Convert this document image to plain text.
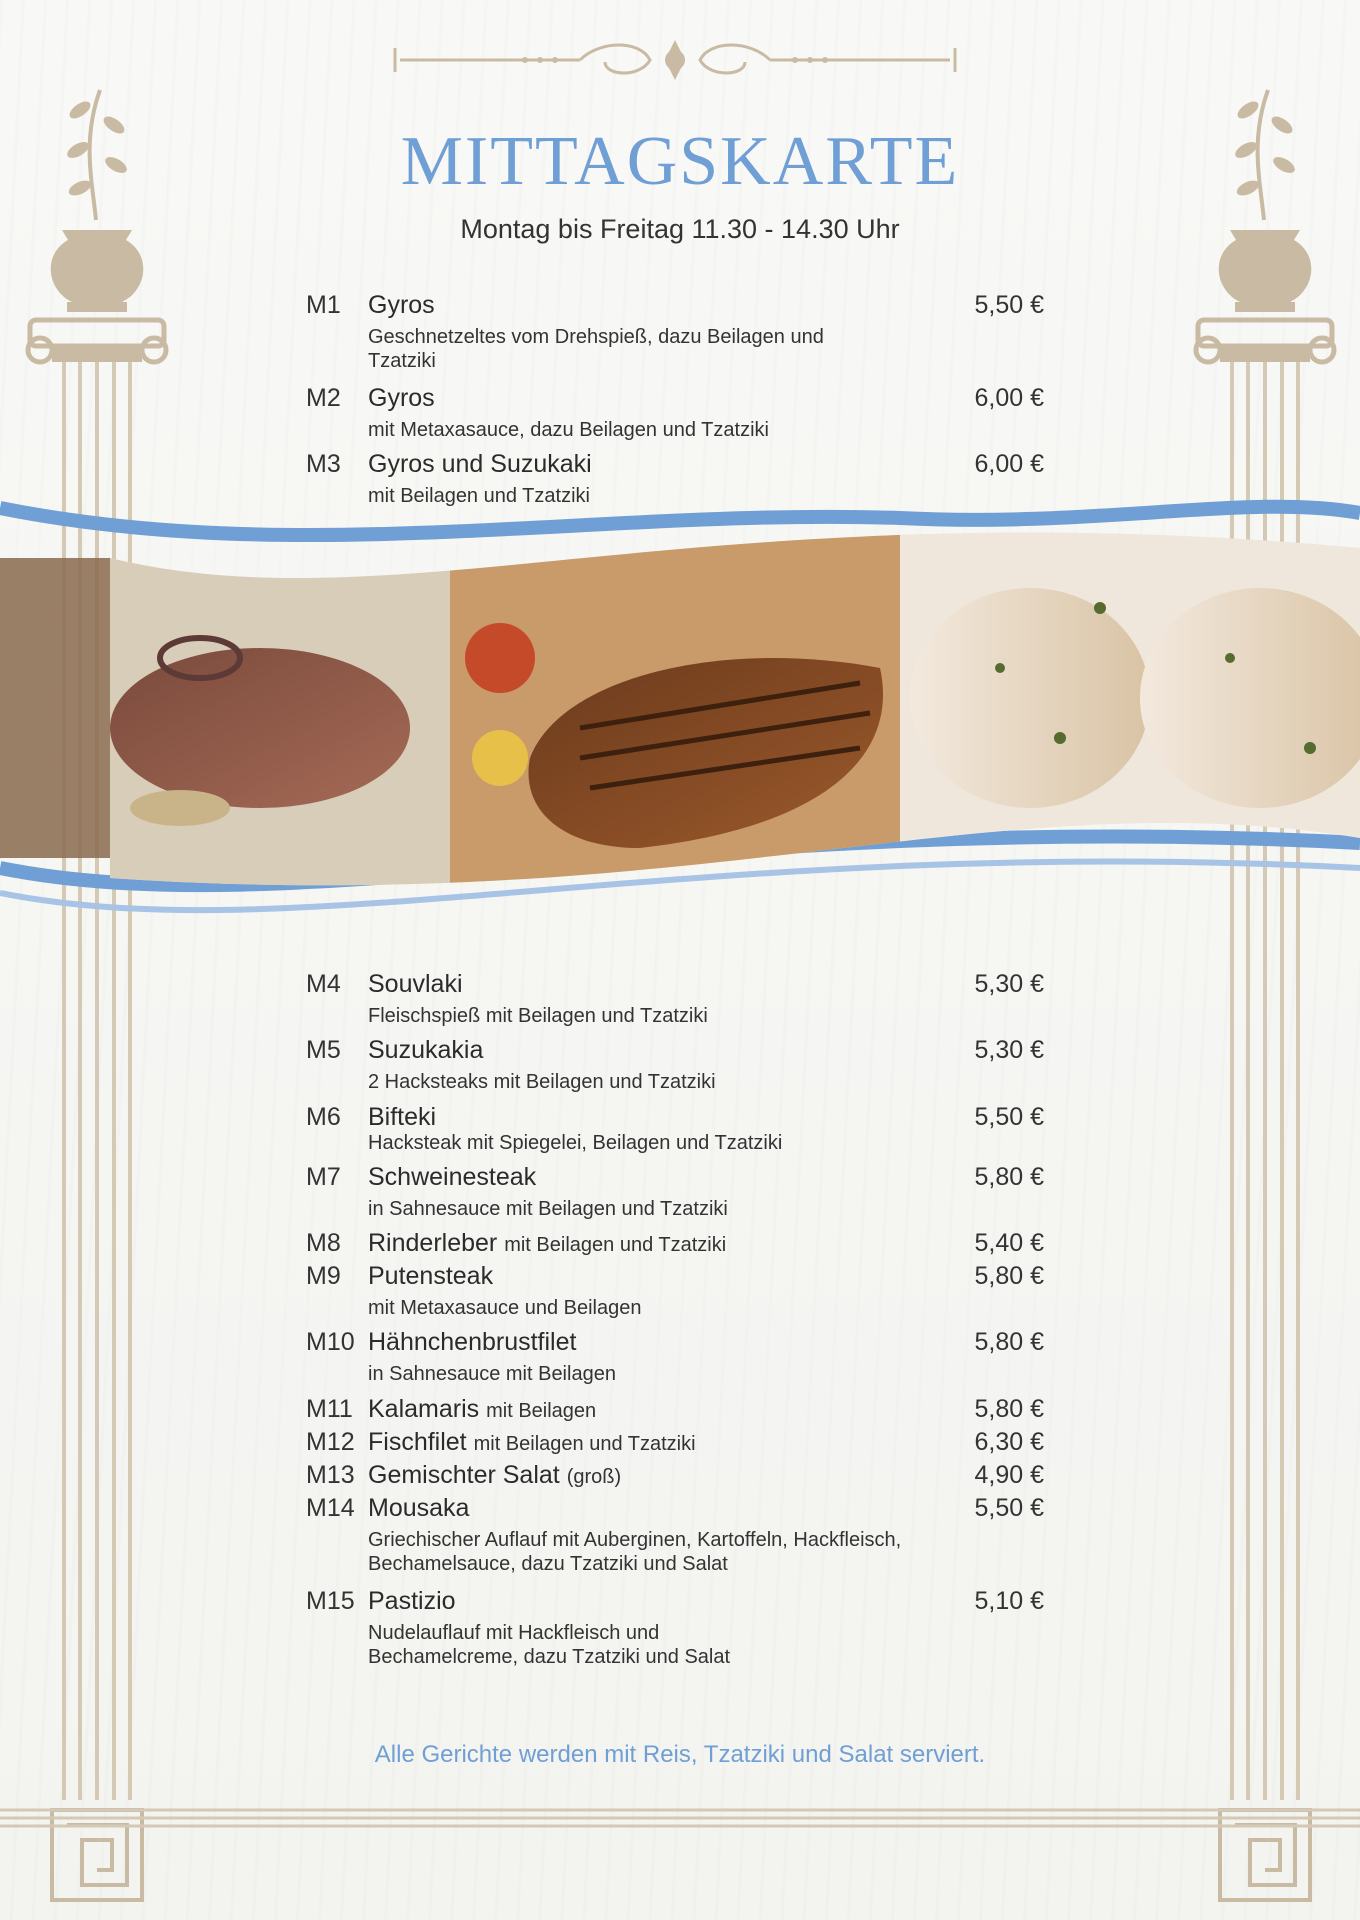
MITTAGSKARTE
Montag bis Freitag 11.30 - 14.30 Uhr
M1 Gyros	5,50 €
Geschnetzeltes vom Drehspieß, dazu Beilagen und Tzatziki
M2 Gyros	6,00 €
mit Metaxasauce, dazu Beilagen und Tzatziki
M3 Gyros und Suzukaki	6,00 €
mit Beilagen und Tzatziki
M4 Souvlaki	5,30 €
Fleischspieß mit Beilagen und Tzatziki
M5 Suzukakia	5,30 €
2 Hacksteaks mit Beilagen und Tzatziki
M6 Bifteki	5,50 €
Hacksteak mit Spiegelei, Beilagen und Tzatziki
M7 Schweinesteak	5,80 €
in Sahnesauce mit Beilagen und Tzatziki
M8 Rinderleber mit Beilagen und Tzatziki	5,40 €
M9 Putensteak	5,80 €
mit Metaxasauce und Beilagen
M10 Hähnchenbrustfilet	5,80 €
in Sahnesauce mit Beilagen
M11 Kalamaris mit Beilagen	5,80 €
M12 Fischfilet mit Beilagen und Tzatziki	6,30 €
M13 Gemischter Salat (groß)	4,90 €
M14 Mousaka	5,50 €
Griechischer Auflauf mit Auberginen, Kartoffeln, Hackfleisch, Bechamelsauce, dazu Tzatziki und Salat
M15 Pastizio	5,10 €
Nudelauflauf mit Hackfleisch und Bechamelcreme, dazu Tzatziki und Salat
Alle Gerichte werden mit Reis, Tzatziki und Salat serviert.
